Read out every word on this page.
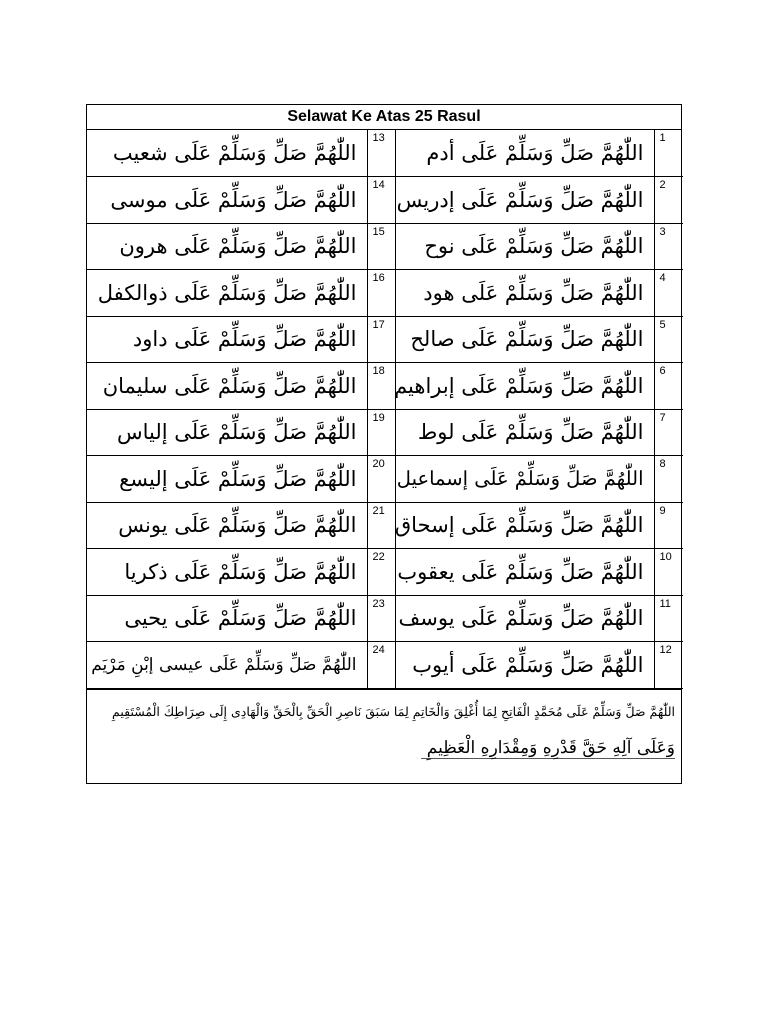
Selawat Ke Atas 25 Rasul
اللّٰهُمَّ صَلِّ وَسَلِّمْ عَلَى شعيب	13	اللّٰهُمَّ صَلِّ وَسَلِّمْ عَلَى أدم	1
اللّٰهُمَّ صَلِّ وَسَلِّمْ عَلَى موسى	14	اللّٰهُمَّ صَلِّ وَسَلِّمْ عَلَى إدريس	2
اللّٰهُمَّ صَلِّ وَسَلِّمْ عَلَى هرون	15	اللّٰهُمَّ صَلِّ وَسَلِّمْ عَلَى نوح	3
اللّٰهُمَّ صَلِّ وَسَلِّمْ عَلَى ذوالكفل	16	اللّٰهُمَّ صَلِّ وَسَلِّمْ عَلَى هود	4
اللّٰهُمَّ صَلِّ وَسَلِّمْ عَلَى داود	17	اللّٰهُمَّ صَلِّ وَسَلِّمْ عَلَى صالح	5
اللّٰهُمَّ صَلِّ وَسَلِّمْ عَلَى سليمان	18	اللّٰهُمَّ صَلِّ وَسَلِّمْ عَلَى إبراهيم	6
اللّٰهُمَّ صَلِّ وَسَلِّمْ عَلَى إلياس	19	اللّٰهُمَّ صَلِّ وَسَلِّمْ عَلَى لوط	7
اللّٰهُمَّ صَلِّ وَسَلِّمْ عَلَى إليسع	20	اللّٰهُمَّ صَلِّ وَسَلِّمْ عَلَى إسماعيل	8
اللّٰهُمَّ صَلِّ وَسَلِّمْ عَلَى يونس	21	اللّٰهُمَّ صَلِّ وَسَلِّمْ عَلَى إسحاق	9
اللّٰهُمَّ صَلِّ وَسَلِّمْ عَلَى ذكريا	22	اللّٰهُمَّ صَلِّ وَسَلِّمْ عَلَى يعقوب	10
اللّٰهُمَّ صَلِّ وَسَلِّمْ عَلَى يحيى	23	اللّٰهُمَّ صَلِّ وَسَلِّمْ عَلَى يوسف	11
اللّٰهُمَّ صَلِّ وَسَلِّمْ عَلَى عيسى إبْنِ مَرْيَم	24	اللّٰهُمَّ صَلِّ وَسَلِّمْ عَلَى أيوب	12
اللّٰهُمَّ صَلِّ وَسَلِّمْ عَلَى مُحَمَّدٍ الْفَاتِحِ لِمَا أُغْلِقَ وَالْخَاتِمِ لِمَا سَبَقَ نَاصِرِ الْحَقِّ بِالْحَقِّ وَالْهَادِى إِلَى صِرَاطِكَ الْمُسْتَقِيمِ
وَعَلَى آلِهِ حَقَّ قَدْرِهِ وَمِقْدَارِهِ الْعَظِيمِ
